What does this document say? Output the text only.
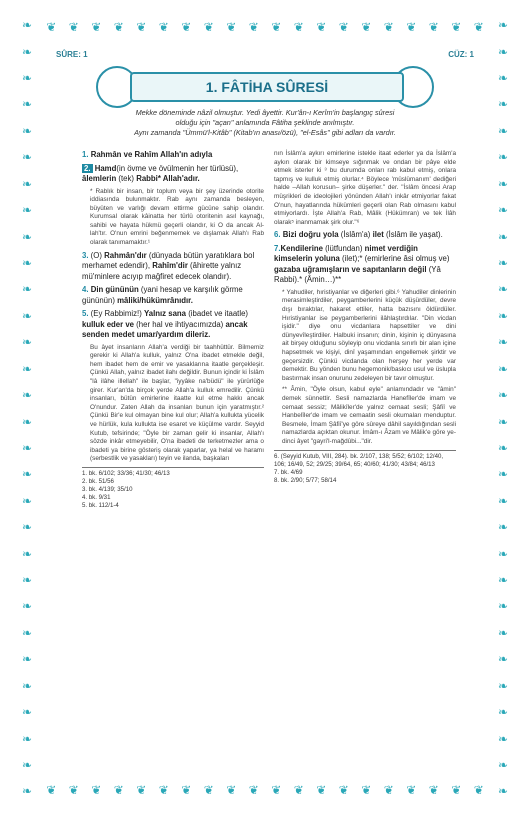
❦ ❦ ❦ ❦ ❦ ❦ ❦ ❦ ❦ ❦ ❦ ❦ ❦ ❦ ❦ ❦ ❦ ❦ ❦ ❦
❦ ❦ ❦ ❦ ❦ ❦ ❦ ❦ ❦ ❦ ❦ ❦ ❦ ❦ ❦ ❦ ❦ ❦ ❦ ❦
❧
❧
❧
❧
❧
❧
❧
❧
❧
❧
❧
❧
❧
❧
❧
❧
❧
❧
❧
❧
❧
❧
❧
❧
❧
❧
❧
❧
❧
❧
❧
❧
❧
❧
❧
❧
❧
❧
❧
❧
❧
❧
❧
❧
❧
❧
❧
❧
❧
❧
❧
❧
❧
❧
❧
❧
❧
❧
❧
❧
SÛRE: 1	CÜZ: 1
1. FÂTİHA SÛRESİ
Mekke döneminde nâzil olmuştur. Yedi âyettir. Kur'ân-ı Kerîm'in başlangıç sûresi
olduğu için "açan" anlamında Fâtiha şeklinde anılmıştır.
Aynı zamanda "Ümmü'l-Kitâb" (Kitab'ın anası/özü), "el-Esâs" gibi adları da vardır.

1. Rahmân ve Rahîm Allah'ın adıyla

2. Hamd(in övme ve övülmenin her türlüsü), âlemlerin (tek) Rabbi* Allah'adır.

* Rablık bir insan, bir toplum veya bir şey üzerinde otorite iddiasında bulunmaktır. Rab aynı zamanda besleyen, büyüten ve varlığı devam ettirme gücüne sahip olandır. Kurumsal olarak kâinatta her türlü otoritenin asıl kaynağı, sahibi ve hayata hükmü geçerli olandır, ki O da ancak Allah'tır. O'nun emrini beğenmemek ve dışlamak Allah'ı Rab olarak tanımamaktır.¹

3. (O) Rahmân'dır (dünyada bütün yaratıklara bol merhamet edendir), Rahîm'dir (âhirette yalnız mü'minlere acıyıp mağfiret edecek olandır).

4. Din gününün (yani hesap ve karşılık görme gününün) mâliki/hükümrânıdır.

5. (Ey Rabbimiz!) Yalnız sana (ibadet ve itaatle) kulluk eder ve (her hal ve ihtiyacımızda) ancak senden medet umar/yardım dileriz.

Bu âyet insanların Allah'a verdiği bir taahhüttür. Bilmemiz gerekir ki Allah'a kulluk, yalnız O'na ibadet etmekle değil, hem ibadet hem de emir ve yasaklarına itaatle gerçekleşir. Çünkü Allah, yalnız ibadet ilahı değildir. Bunun içindir ki İslâm "lâ ilâhe illellah" ile başlar, "iyyâke na'büdü" ile yürürlüğe girer. Kur'an'da birçok yerde Allah'a kulluk emredilir. Çünkü insanları, bütün emirlerine itaatte kul etme hakkı ancak O'nundur. Zaten Allah da insanları bunun için yaratmıştır.² Çünkü Bir'e kul olmayan bine kul olur; Allah'a kullukta yücelik ve hürlük, kula kullukta ise esaret ve küçülme vardır. Seyyid Kutub, tefsirinde; "Öyle bir zaman gelir ki insanlar, Allah'ı sözde inkâr etmeyebilir, O'na ibadeti de terketmezler ama o ibadeti ya birine gösteriş olarak yaparlar, ya helal ve haramı (serbestlik ve yasakları) teyin ve ilanda, başkaları

1. bk. 6/102; 33/36; 41/30; 46/13
2. bk. 51/56
3. bk. 4/139; 35/10
4. bk. 9/31
5. bk. 112/1-4

nın İslâm'a aykırı emirlerine istekle itaat ederler ya da İslâm'a aykırı olarak bir kimseye sığınmak ve ondan bir pâye elde etmek isterler ki ³ bu durumda onları rab kabul etmiş, onlara tapmış ve kulluk etmiş olurlar.⁴ Böylece 'müslümanım' dediğeri halde –Allah korusun– şirke düşerler." der. "İslâm öncesi Arap müşrikleri de ideolojileri yönünden Allah'ı inkâr etmiyorlar fakat O'nun, hayatlarında hükümleri geçerli olan Rab olmasını kabul etmiyorlardı. İşte Allah'a Rab, Mâlik (Hükümran) ve tek İlâh olarak⁵ inanmamak şirk olur."⁶

6. Bizi doğru yola (İslâm'a) ilet (İslâm ile yaşat).

7.Kendilerine (lütfundan) nimet verdiğin kimselerin yoluna (ilet);* (emirlerine âsi olmuş ve) gazaba uğramışların ve sapıtanların değil (Yâ Rabbi).* (Âmin…)**

* Yahudiler, hıristiyanlar ve diğerleri gibi.⁶ Yahudiler dinlerinin merasimleştirdiler, peygamberlerini küçük düşürdüler, devre dışı bıraktılar, hakaret ettiler, hatta bazısını öldürdüler. Hıristiyanlar ise peygamberlerini ilâhlaştırdılar. "Din vicdan işidir." diye onu vicdanlara hapsettiler ve dini dünyevîleştirdiler. Halbuki insanın; dinin, kişinin iç dünyasına ait birşey olduğunu söyleyip onu vicdanla sınırlı bir alan içine hapsetmek ve kişiyi, dinî yaşamından engellemek şirktir ve geçersizdir. Çünkü vicdanda olan herşey her yerde var demektir. Bu yönden bunu hegemonik/baskıcı usul ve üslupla bastırmak insan onurunu zedeleyen bir tavır olmuştur.

** Âmin, "Öyle olsun, kabul eyle" anlamındadır ve "âmin" demek sünnettir. Sesli namazlarda Hanefîler'de imam ve cemaat sessiz; Mâlikîler'de yalnız cemaat sesli; Şâfiî ve Hanbelîler'de imam ve cemaatin sesli okumaları menduptur. Besmele, İmam Şâfiî'ye göre sûreye dâhil sayıldığından sesli namazlarda açıktan okunur. İmâm-ı Âzam ve Mâlik'e göre yedinci âyet "gayri'l-mağdûbi..."dir.

6. (Seyyid Kutub, VIII, 284). bk. 2/107, 138; 5/52; 6/102; 12/40, 106; 16/49, 52; 29/25; 39/64, 65; 40/60; 41/30; 43/84; 46/13
7. bk. 4/69
8. bk. 2/90; 5/77; 58/14
